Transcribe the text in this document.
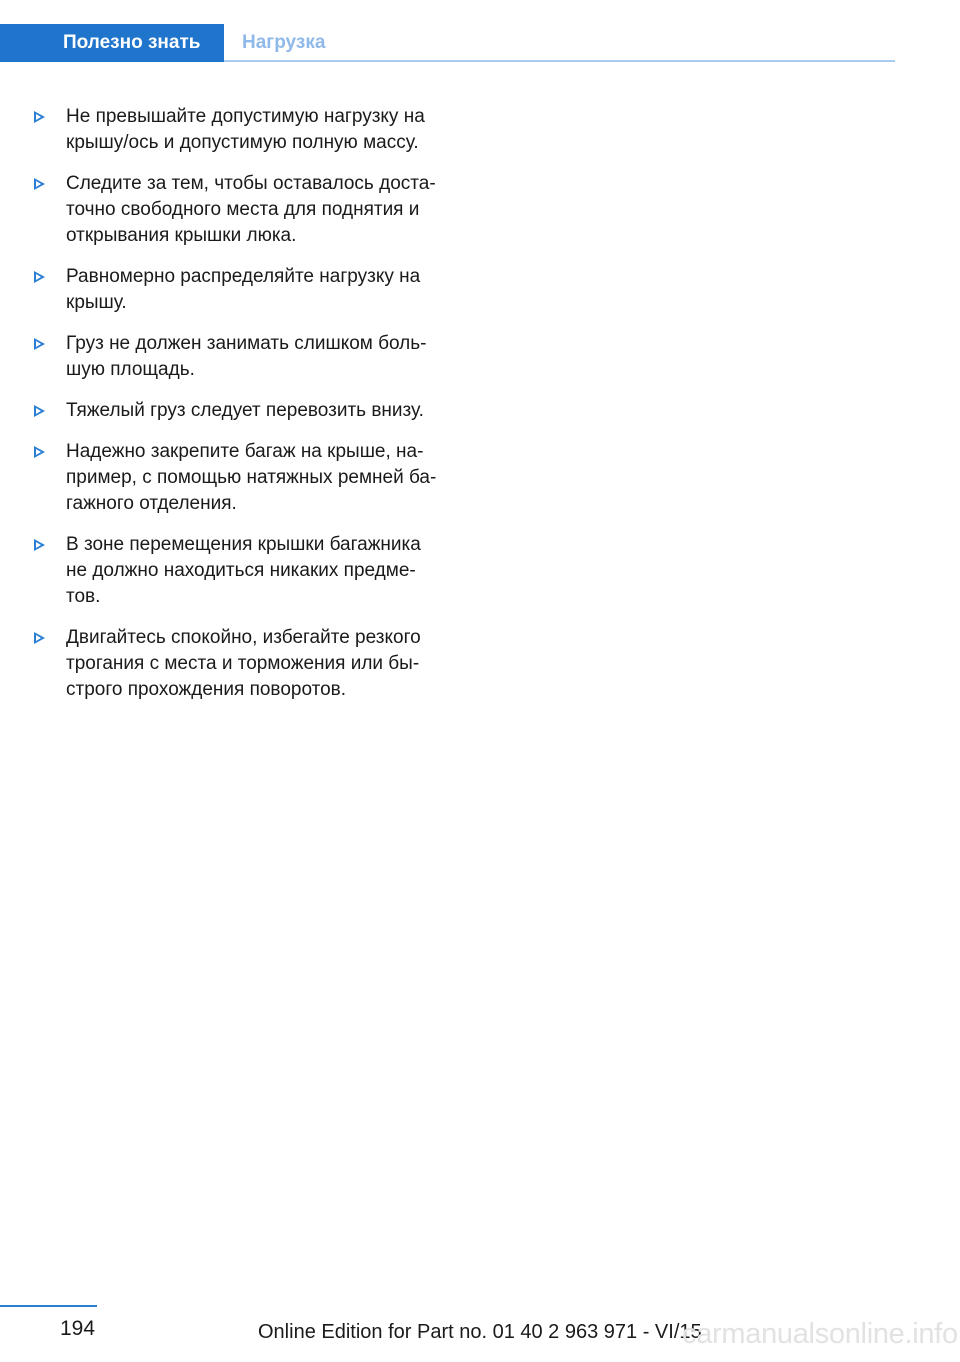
Полезно знать	Нагрузка
Не превышайте допустимую нагрузку на
крышу/ось и допустимую полную массу.
Следите за тем, чтобы оставалось доста‐
точно свободного места для поднятия и
открывания крышки люка.
Равномерно распределяйте нагрузку на
крышу.
Груз не должен занимать слишком боль‐
шую площадь.
Тяжелый груз следует перевозить внизу.
Надежно закрепите багаж на крыше, на‐
пример, с помощью натяжных ремней ба‐
гажного отделения.
В зоне перемещения крышки багажника
не должно находиться никаких предме‐
тов.
Двигайтесь спокойно, избегайте резкого
трогания с места и торможения или бы‐
строго прохождения поворотов.
194	Online Edition for Part no. 01 40 2 963 971 - VI/15
carmanualsonline.info
